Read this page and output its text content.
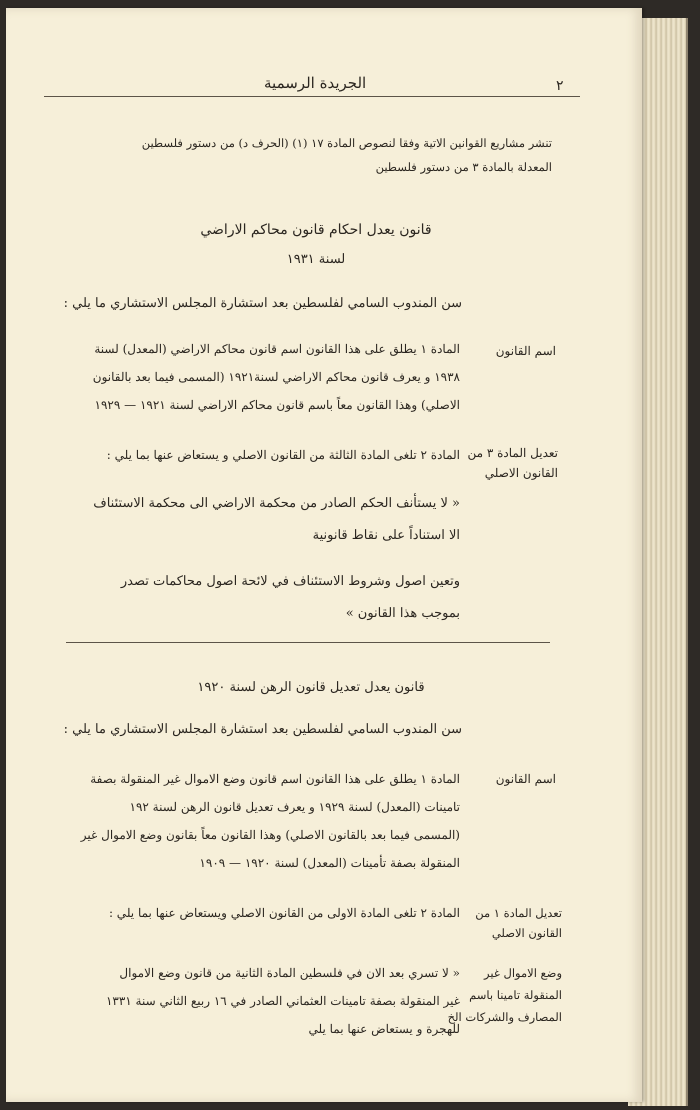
٢
الجريدة الرسمية
تنشر مشاريع القوانين الاتية وفقا لنصوص المادة ١٧ (١) (الحرف د) من دستور فلسطين
المعدلة بالمادة ٣ من دستور فلسطين
قانون يعدل احكام قانون محاكم الاراضي
لسنة ١٩٣١
سن المندوب السامي لفلسطين بعد استشارة المجلس الاستشاري ما يلي :
اسم القانون
المادة ١ يطلق على هذا القانون اسم قانون محاكم الاراضي (المعدل) لسنة
١٩٣٨ و يعرف قانون محاكم الاراضي لسنة١٩٢١ (المسمى فيما بعد بالقانون
الاصلي) وهذا القانون معاً باسم قانون محاكم الاراضي لسنة ١٩٢١ — ١٩٢٩
تعديل المادة ٣ من
القانون الاصلي
المادة ٢ تلغى المادة الثالثة من القانون الاصلي و يستعاض عنها بما يلي :
« لا يستأنف الحكم الصادر من محكمة الاراضي الى محكمة الاستئناف
الا استناداً على نقاط قانونية
وتعين اصول وشروط الاستئناف في لائحة اصول محاكمات تصدر
بموجب هذا القانون »
قانون يعدل تعديل قانون الرهن لسنة ١٩٢٠
سن المندوب السامي لفلسطين بعد استشارة المجلس الاستشاري ما يلي :
اسم القانون
المادة ١ يطلق على هذا القانون اسم قانون وضع الاموال غير المنقولة بصفة
تامينات (المعدل) لسنة ١٩٢٩ و يعرف تعديل قانون الرهن لسنة ١٩٢
(المسمى فيما بعد بالقانون الاصلي) وهذا القانون معاً بقانون وضع الاموال غير
المنقولة بصفة تأمينات (المعدل) لسنة ١٩٢٠ — ١٩٠٩
تعديل المادة ١ من
القانون الاصلي
المادة ٢ تلغى المادة الاولى من القانون الاصلي ويستعاض عنها بما يلي :
وضع الاموال غير
المنقولة تامينا باسم
المصارف والشركات الخ
« لا تسري بعد الان في فلسطين المادة الثانية من قانون وضع الاموال
غير المنقولة بصفة تامينات العثماني الصادر في ١٦ ربيع الثاني سنة ١٣٣١
للهجرة و يستعاض عنها بما يلي
